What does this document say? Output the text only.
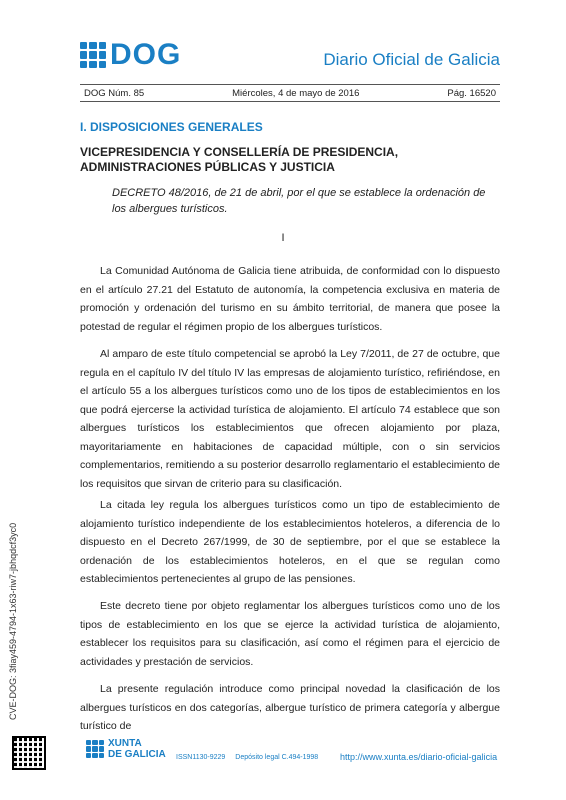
DOG	Diario Oficial de Galicia
DOG Núm. 85	Miércoles, 4 de mayo de 2016	Pág. 16520
I. DISPOSICIONES GENERALES
VICEPRESIDENCIA Y CONSELLERÍA DE PRESIDENCIA, ADMINISTRACIONES PÚBLICAS Y JUSTICIA
DECRETO 48/2016, de 21 de abril, por el que se establece la ordenación de los albergues turísticos.
I

La Comunidad Autónoma de Galicia tiene atribuida, de conformidad con lo dispuesto en el artículo 27.21 del Estatuto de autonomía, la competencia exclusiva en materia de promoción y ordenación del turismo en su ámbito territorial, de manera que posee la potestad de regular el régimen propio de los albergues turísticos.

Al amparo de este título competencial se aprobó la Ley 7/2011, de 27 de octubre, que regula en el capítulo IV del título IV las empresas de alojamiento turístico, refiriéndose, en el artículo 55 a los albergues turísticos como uno de los tipos de establecimientos en los que podrá ejercerse la actividad turística de alojamiento. El artículo 74 establece que son albergues turísticos los establecimientos que ofrecen alojamiento por plaza, mayoritariamente en habitaciones de capacidad múltiple, con o sin servicios complementarios, remitiendo a su posterior desarrollo reglamentario el establecimiento de los requisitos que sirvan de criterio para su clasificación.

La citada ley regula los albergues turísticos como un tipo de establecimiento de alojamiento turístico independiente de los establecimientos hoteleros, a diferencia de lo dispuesto en el Decreto 267/1999, de 30 de septiembre, por el que se establece la ordenación de los establecimientos hoteleros, en el que se regulan como establecimientos pertenecientes al grupo de las pensiones.

Este decreto tiene por objeto reglamentar los albergues turísticos como uno de los tipos de establecimiento en los que se ejerce la actividad turística de alojamiento, establecer los requisitos para su clasificación, así como el régimen para el ejercicio de actividades y prestación de servicios.

La presente regulación introduce como principal novedad la clasificación de los albergues turísticos en dos categorías, albergue turístico de primera categoría y albergue turístico de

CVE-DOG: 3fiay459-4794-1x63-riw7-jbhqdcf3yc0
XUNTA
DE GALICIA ISSN1130-9229 Depósito legal C.494-1998 http://www.xunta.es/diario-oficial-galicia
